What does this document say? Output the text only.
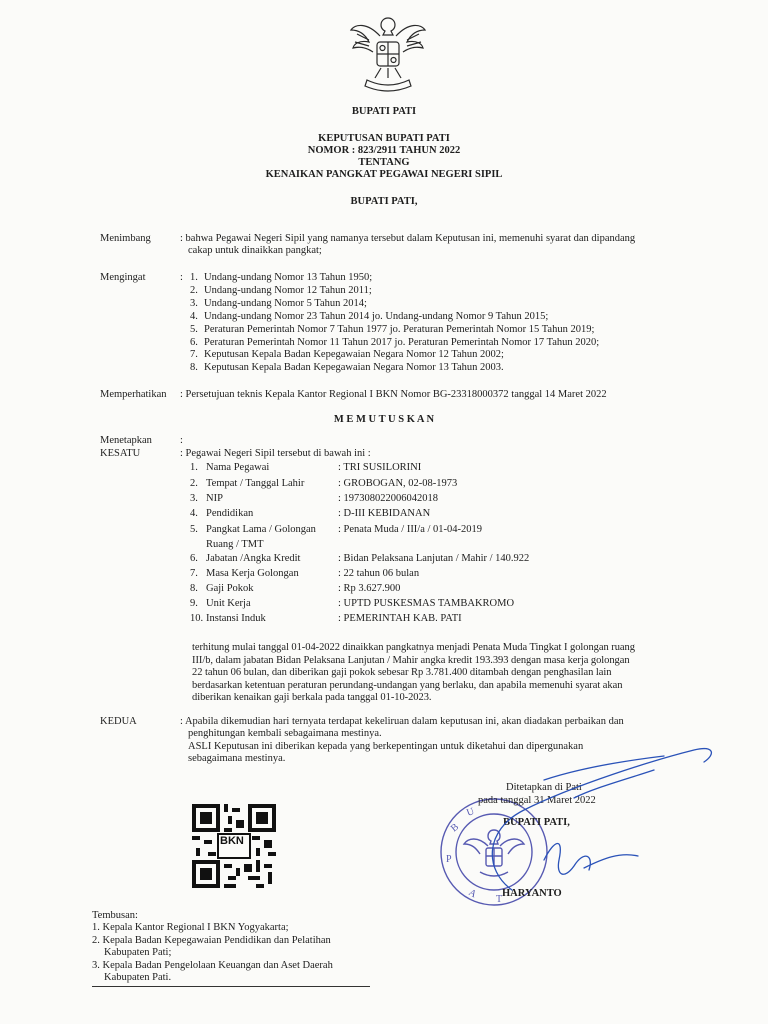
BUPATI PATI
KEPUTUSAN BUPATI PATI
NOMOR : 823/2911 TAHUN 2022
TENTANG
KENAIKAN PANGKAT PEGAWAI NEGERI SIPIL
BUPATI PATI,
Menimbang	: bahwa Pegawai Negeri Sipil yang namanya tersebut dalam Keputusan ini, memenuhi syarat dan dipandang
cakap untuk dinaikkan pangkat;
Mengingat	: 1. Undang-undang Nomor 13 Tahun 1950;
2. Undang-undang Nomor 12 Tahun 2011;
3. Undang-undang Nomor 5 Tahun 2014;
4. Undang-undang Nomor 23 Tahun 2014 jo. Undang-undang Nomor 9 Tahun 2015;
5. Peraturan Pemerintah Nomor 7 Tahun 1977 jo. Peraturan Pemerintah Nomor 15 Tahun 2019;
6. Peraturan Pemerintah Nomor 11 Tahun 2017 jo. Peraturan Pemerintah Nomor 17 Tahun 2020;
7. Keputusan Kepala Badan Kepegawaian Negara Nomor 12 Tahun 2002;
8. Keputusan Kepala Badan Kepegawaian Negara Nomor 13 Tahun 2003.
Memperhatikan : Persetujuan teknis Kepala Kantor Regional I BKN Nomor BG-23318000372 tanggal 14 Maret 2022
M E M U T U S K A N
Menetapkan	:
KESATU	: Pegawai Negeri Sipil tersebut di bawah ini :
1. Nama Pegawai	: TRI SUSILORINI
2. Tempat / Tanggal Lahir	: GROBOGAN, 02-08-1973
3. NIP	: 197308022006042018
4. Pendidikan	: D-III KEBIDANAN
5. Pangkat Lama / Golongan : Penata Muda / III/a / 01-04-2019
Ruang / TMT
6. Jabatan /Angka Kredit	: Bidan Pelaksana Lanjutan / Mahir / 140.922
7. Masa Kerja Golongan	: 22 tahun 06 bulan
8. Gaji Pokok	: Rp 3.627.900
9. Unit Kerja	: UPTD PUSKESMAS TAMBAKROMO
10. Instansi Induk	: PEMERINTAH KAB. PATI
terhitung mulai tanggal 01-04-2022 dinaikkan pangkatnya menjadi Penata Muda Tingkat I golongan ruang
III/b, dalam jabatan Bidan Pelaksana Lanjutan / Mahir angka kredit 193.393 dengan masa kerja golongan
22 tahun 06 bulan, dan diberikan gaji pokok sebesar Rp 3.781.400 ditambah dengan penghasilan lain
berdasarkan ketentuan peraturan perundang-undangan yang berlaku, dan apabila memenuhi syarat akan
diberikan kenaikan gaji berkala pada tanggal 01-10-2023.
KEDUA	: Apabila dikemudian hari ternyata terdapat kekeliruan dalam keputusan ini, akan diadakan perbaikan dan
penghitungan kembali sebagaimana mestinya.
ASLI Keputusan ini diberikan kepada yang berkepentingan untuk diketahui dan dipergunakan
sebagaimana mestinya.
BKN
B
U
P
A T
Ditetapkan di Pati
pada tanggal 31 Maret 2022
BUPATI PATI,
HARYANTO
Tembusan:
1. Kepala Kantor Regional I BKN Yogyakarta;
2. Kepala Badan Kepegawaian Pendidikan dan Pelatihan
Kabupaten Pati;
3. Kepala Badan Pengelolaan Keuangan dan Aset Daerah
Kabupaten Pati.
